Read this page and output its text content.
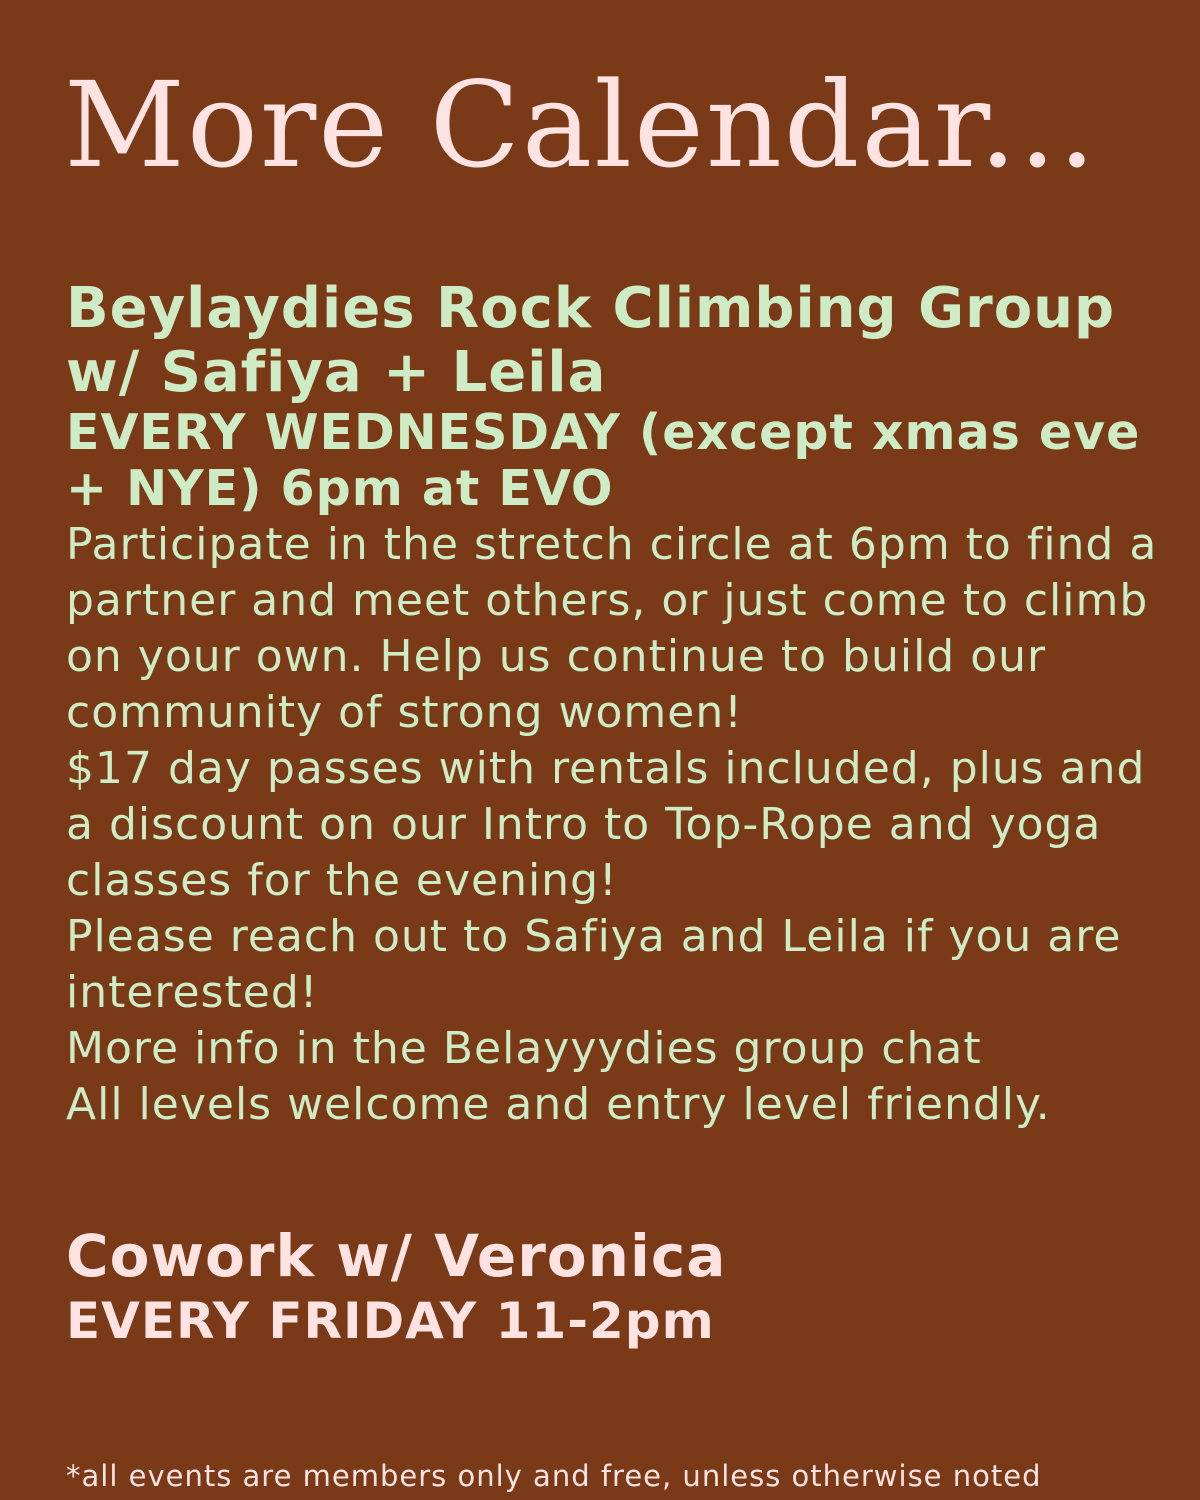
More Calendar...
Beylaydies Rock Climbing Group w/ Safiya + Leila

EVERY WEDNESDAY (except xmas eve + NYE) 6pm at EVO

Participate in the stretch circle at 6pm to find a partner and meet others, or just come to climb on your own. Help us continue to build our community of strong women!

$17 day passes with rentals included, plus and a discount on our Intro to Top-Rope and yoga classes for the evening!

Please reach out to Safiya and Leila if you are interested!

More info in the Belayyydies group chat

All levels welcome and entry level friendly.

Cowork w/ Veronica

EVERY FRIDAY 11-2pm

*all events are members only and free, unless otherwise noted
